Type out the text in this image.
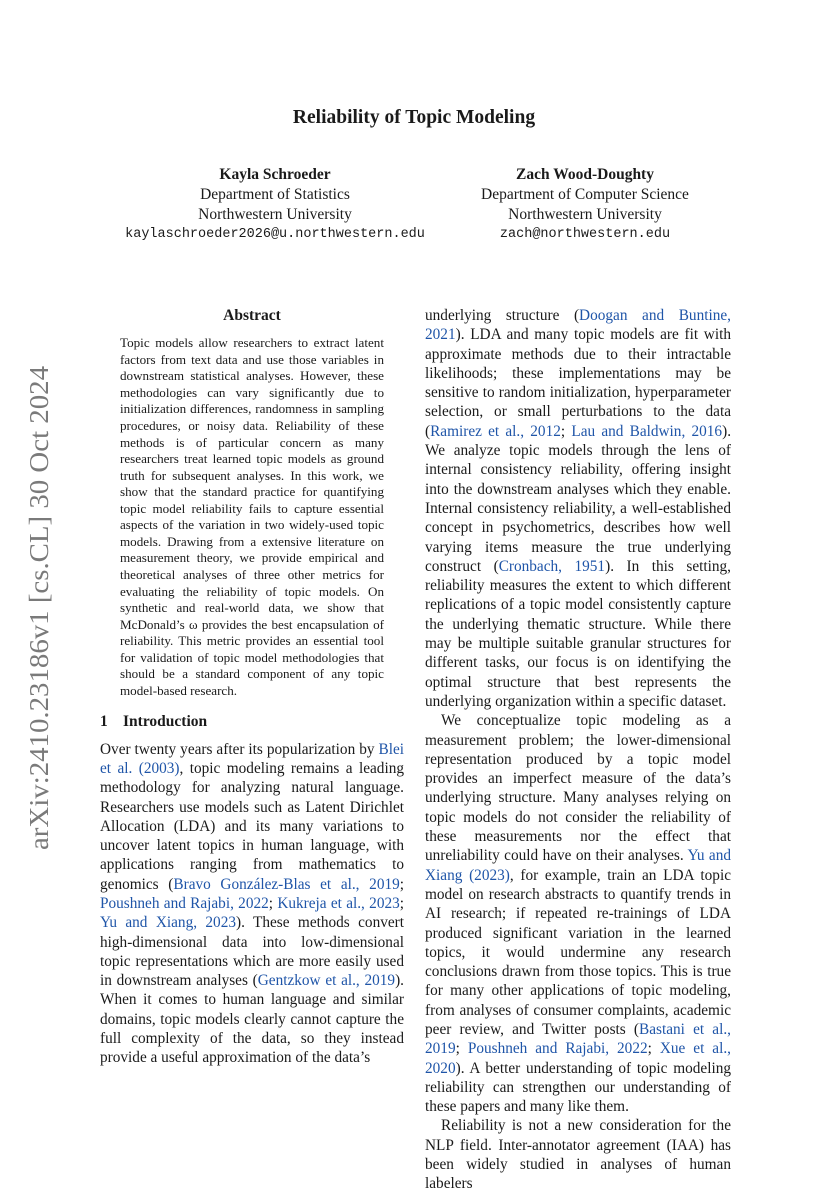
arXiv:2410.23186v1 [cs.CL] 30 Oct 2024
Reliability of Topic Modeling
Kayla Schroeder
Department of Statistics
Northwestern University
kaylaschroeder2026@u.northwestern.edu
Zach Wood-Doughty
Department of Computer Science
Northwestern University
zach@northwestern.edu
Abstract

Topic models allow researchers to extract latent factors from text data and use those variables in downstream statistical analyses. However, these methodologies can vary significantly due to initialization differences, randomness in sampling procedures, or noisy data. Reliability of these methods is of particular concern as many researchers treat learned topic models as ground truth for subsequent analyses. In this work, we show that the standard practice for quantifying topic model reliability fails to capture essential aspects of the variation in two widely-used topic models. Drawing from a extensive literature on measurement theory, we provide empirical and theoretical analyses of three other metrics for evaluating the reliability of topic models. On synthetic and real-world data, we show that McDonald’s ω provides the best encapsulation of reliability. This metric provides an essential tool for validation of topic model methodologies that should be a standard component of any topic model-based research.

1 Introduction

Over twenty years after its popularization by Blei et al. (2003), topic modeling remains a leading methodology for analyzing natural language. Researchers use models such as Latent Dirichlet Allocation (LDA) and its many variations to uncover latent topics in human language, with applications ranging from mathematics to genomics (Bravo González-Blas et al., 2019; Poushneh and Rajabi, 2022; Kukreja et al., 2023; Yu and Xiang, 2023). These methods convert high-dimensional data into low-dimensional topic representations which are more easily used in downstream analyses (Gentzkow et al., 2019). When it comes to human language and similar domains, topic models clearly cannot capture the full complexity of the data, so they instead provide a useful approximation of the data’s

underlying structure (Doogan and Buntine, 2021). LDA and many topic models are fit with approximate methods due to their intractable likelihoods; these implementations may be sensitive to random initialization, hyperparameter selection, or small perturbations to the data (Ramirez et al., 2012; Lau and Baldwin, 2016). We analyze topic models through the lens of internal consistency reliability, offering insight into the downstream analyses which they enable. Internal consistency reliability, a well-established concept in psychometrics, describes how well varying items measure the true underlying construct (Cronbach, 1951). In this setting, reliability measures the extent to which different replications of a topic model consistently capture the underlying thematic structure. While there may be multiple suitable granular structures for different tasks, our focus is on identifying the optimal structure that best represents the underlying organization within a specific dataset.

We conceptualize topic modeling as a measurement problem; the lower-dimensional representation produced by a topic model provides an imperfect measure of the data’s underlying structure. Many analyses relying on topic models do not consider the reliability of these measurements nor the effect that unreliability could have on their analyses. Yu and Xiang (2023), for example, train an LDA topic model on research abstracts to quantify trends in AI research; if repeated re-trainings of LDA produced significant variation in the learned topics, it would undermine any research conclusions drawn from those topics. This is true for many other applications of topic modeling, from analyses of consumer complaints, academic peer review, and Twitter posts (Bastani et al., 2019; Poushneh and Rajabi, 2022; Xue et al., 2020). A better understanding of topic modeling reliability can strengthen our understanding of these papers and many like them.

Reliability is not a new consideration for the NLP field. Inter-annotator agreement (IAA) has been widely studied in analyses of human labelers
